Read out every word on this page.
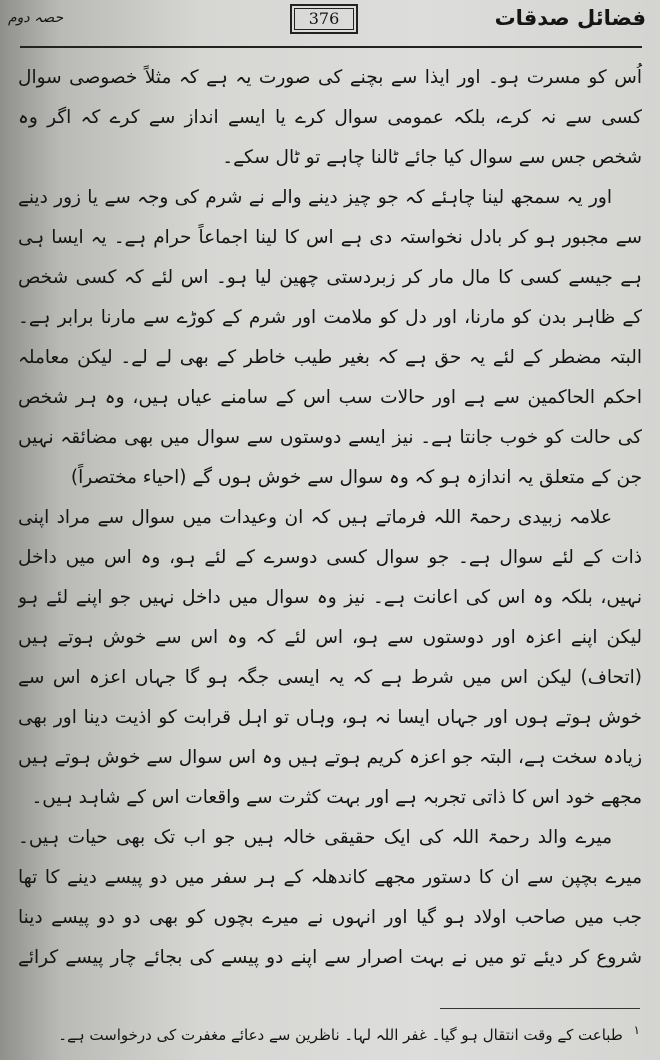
فضائل صدقات
376
حصہ دوم

اُس کو مسرت ہو۔ اور ایذا سے بچنے کی صورت یہ ہے کہ مثلاً خصوصی سوال کسی سے نہ کرے، بلکہ عمومی سوال کرے یا ایسے انداز سے کرے کہ اگر وہ شخص جس سے سوال کیا جائے ٹالنا چاہے تو ٹال سکے۔

اور یہ سمجھ لینا چاہئے کہ جو چیز دینے والے نے شرم کی وجہ سے یا زور دینے سے مجبور ہو کر بادل نخواستہ دی ہے اس کا لینا اجماعاً حرام ہے۔ یہ ایسا ہی ہے جیسے کسی کا مال مار کر زبردستی چھین لیا ہو۔ اس لئے کہ کسی شخص کے ظاہر بدن کو مارنا، اور دل کو ملامت اور شرم کے کوڑے سے مارنا برابر ہے۔ البتہ مضطر کے لئے یہ حق ہے کہ بغیر طیب خاطر کے بھی لے لے۔ لیکن معاملہ احکم الحاکمین سے ہے اور حالات سب اس کے سامنے عیاں ہیں، وہ ہر شخص کی حالت کو خوب جانتا ہے۔ نیز ایسے دوستوں سے سوال میں بھی مضائقہ نہیں جن کے متعلق یہ اندازہ ہو کہ وہ سوال سے خوش ہوں گے (احیاء مختصراً)

علامہ زبیدی رحمۃ اللہ فرماتے ہیں کہ ان وعیدات میں سوال سے مراد اپنی ذات کے لئے سوال ہے۔ جو سوال کسی دوسرے کے لئے ہو، وہ اس میں داخل نہیں، بلکہ وہ اس کی اعانت ہے۔ نیز وہ سوال میں داخل نہیں جو اپنے لئے ہو لیکن اپنے اعزہ اور دوستوں سے ہو، اس لئے کہ وہ اس سے خوش ہوتے ہیں (اتحاف) لیکن اس میں شرط ہے کہ یہ ایسی جگہ ہو گا جہاں اعزہ اس سے خوش ہوتے ہوں اور جہاں ایسا نہ ہو، وہاں تو اہل قرابت کو اذیت دینا اور بھی زیادہ سخت ہے، البتہ جو اعزہ کریم ہوتے ہیں وہ اس سوال سے خوش ہوتے ہیں مجھے خود اس کا ذاتی تجربہ ہے اور بہت کثرت سے واقعات اس کے شاہد ہیں۔

میرے والد رحمۃ اللہ کی ایک حقیقی خالہ ہیں جو اب تک بھی حیات ہیں۔ میرے بچپن سے ان کا دستور مجھے کاندھلہ کے ہر سفر میں دو پیسے دینے کا تھا جب میں صاحب اولاد ہو گیا اور انہوں نے میرے بچوں کو بھی دو دو پیسے دینا شروع کر دیئے تو میں نے بہت اصرار سے اپنے دو پیسے کی بجائے چار پیسے کرائے

$^۱$ طباعت کے وقت انتقال ہو گیا۔ غفر اللہ لہا۔ ناظرین سے دعائے مغفرت کی درخواست ہے۔
